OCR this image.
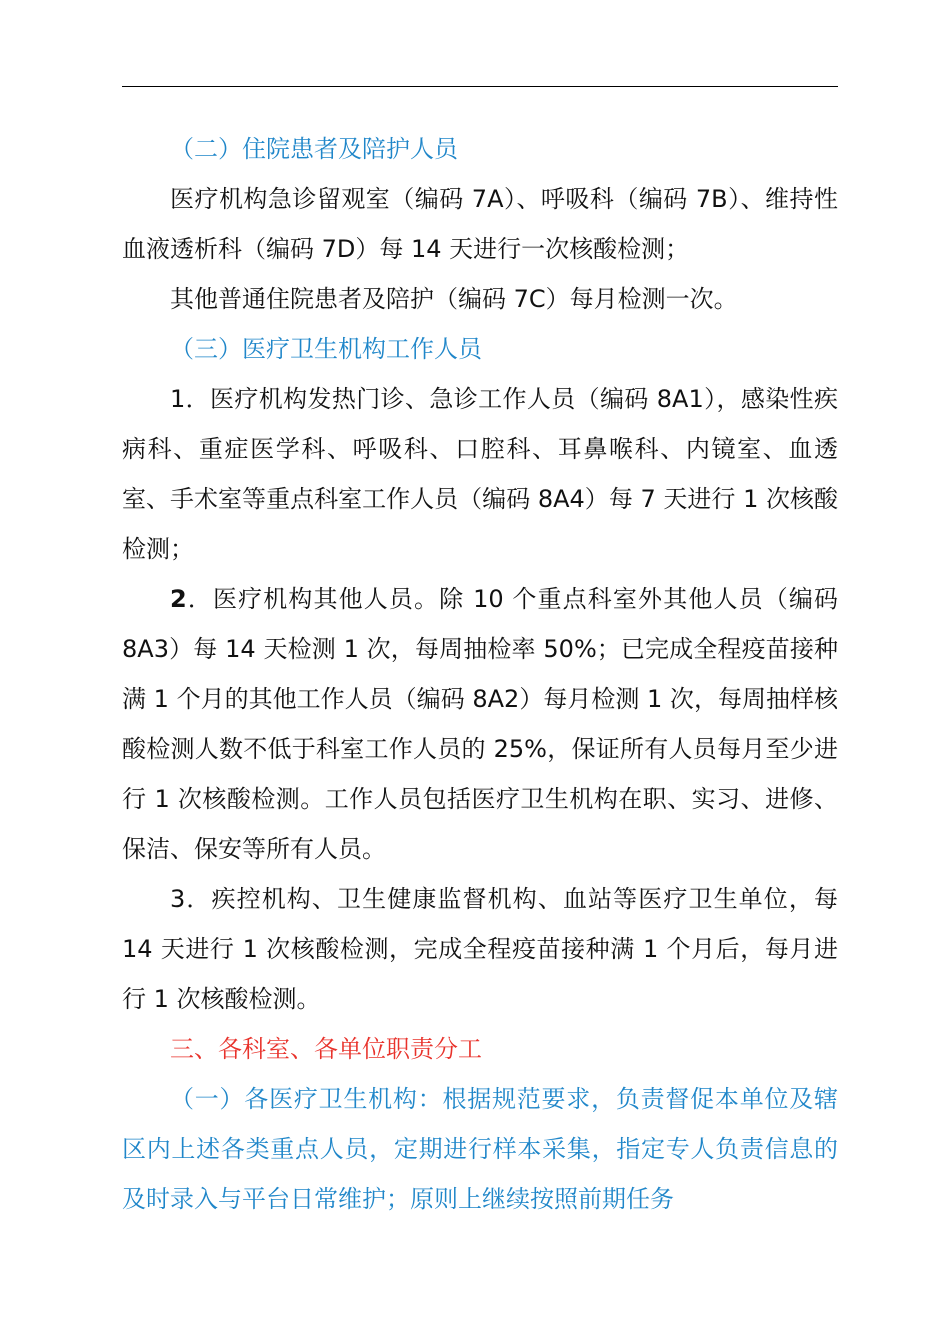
（二）住院患者及陪护人员

医疗机构急诊留观室（编码 7A）、呼吸科（编码 7B）、维持性血液透析科（编码 7D）每 14 天进行一次核酸检测；

其他普通住院患者及陪护（编码 7C）每月检测一次。

（三）医疗卫生机构工作人员

1．医疗机构发热门诊、急诊工作人员（编码 8A1），感染性疾病科、重症医学科、呼吸科、口腔科、耳鼻喉科、内镜室、血透室、手术室等重点科室工作人员（编码 8A4）每 7 天进行 1 次核酸检测；

2．医疗机构其他人员。除 10 个重点科室外其他人员（编码 8A3）每 14 天检测 1 次，每周抽检率 50%；已完成全程疫苗接种满 1 个月的其他工作人员（编码 8A2）每月检测 1 次，每周抽样核酸检测人数不低于科室工作人员的 25%，保证所有人员每月至少进行 1 次核酸检测。工作人员包括医疗卫生机构在职、实习、进修、保洁、保安等所有人员。

3．疾控机构、卫生健康监督机构、血站等医疗卫生单位，每 14 天进行 1 次核酸检测，完成全程疫苗接种满 1 个月后，每月进行 1 次核酸检测。

三、各科室、各单位职责分工

（一）各医疗卫生机构：根据规范要求，负责督促本单位及辖区内上述各类重点人员，定期进行样本采集，指定专人负责信息的及时录入与平台日常维护；原则上继续按照前期任务
